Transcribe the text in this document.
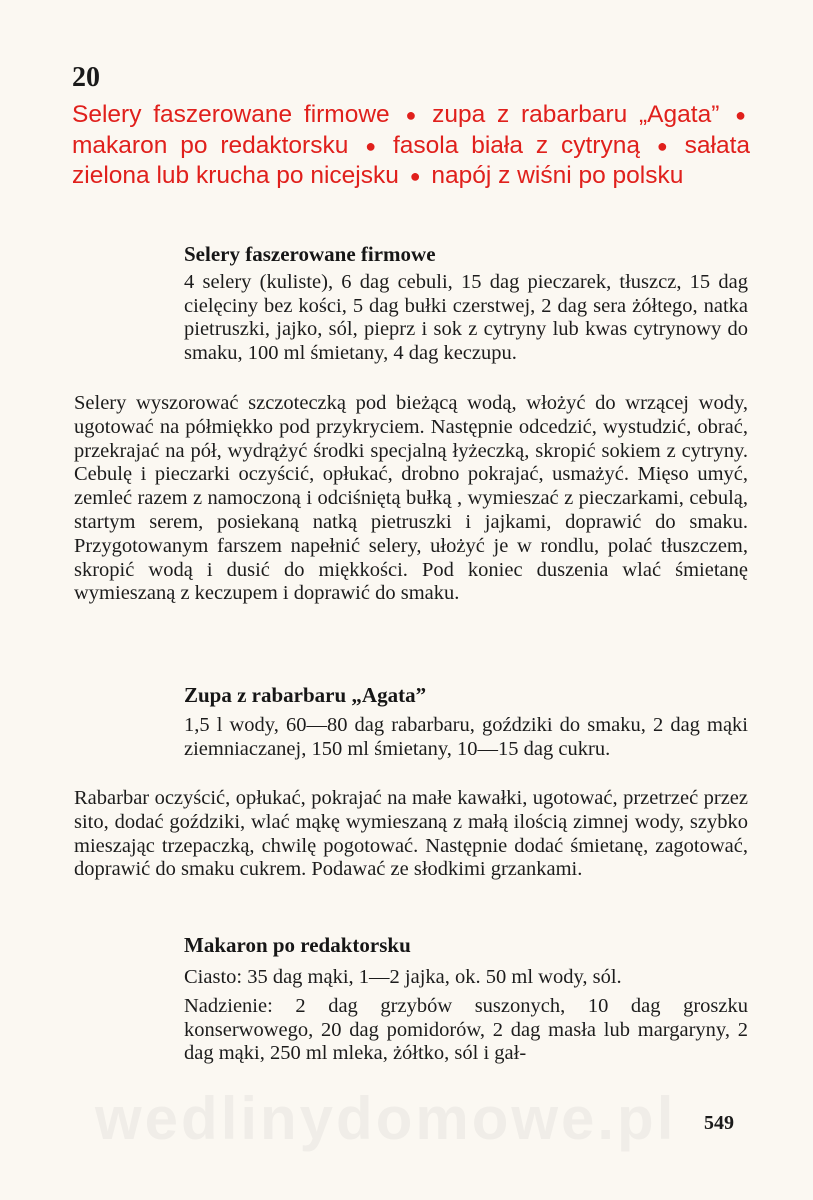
20
Selery faszerowane firmowe ● zupa z rabarbaru „Agata” ● makaron po redaktorsku ● fasola biała z cytryną ● sałata zielona lub krucha po nicejsku ● napój z wiśni po polsku
Selery faszerowane firmowe
4 selery (kuliste), 6 dag cebuli, 15 dag pieczarek, tłuszcz, 15 dag cielęciny bez kości, 5 dag bułki czerstwej, 2 dag sera żółtego, natka pietruszki, jajko, sól, pieprz i sok z cytryny lub kwas cytrynowy do smaku, 100 ml śmietany, 4 dag keczupu.
Selery wyszorować szczoteczką pod bieżącą wodą, włożyć do wrzącej wody, ugotować na półmiękko pod przykryciem. Następnie odcedzić, wystudzić, obrać, przekrajać na pół, wydrążyć środki specjalną łyżeczką, skropić sokiem z cytryny. Cebulę i pieczarki oczyścić, opłukać, drobno pokrajać, usmażyć. Mięso umyć, zemleć razem z namoczoną i odciśniętą bułką , wymieszać z pieczarkami, cebulą, startym serem, posiekaną natką pietruszki i jajkami, doprawić do smaku. Przygotowanym farszem napełnić selery, ułożyć je w rondlu, polać tłuszczem, skropić wodą i dusić do miękkości. Pod koniec duszenia wlać śmietanę wymieszaną z keczupem i doprawić do smaku.
Zupa z rabarbaru „Agata”
1,5 l wody, 60—80 dag rabarbaru, goździki do smaku, 2 dag mąki ziemniaczanej, 150 ml śmietany, 10—15 dag cukru.
Rabarbar oczyścić, opłukać, pokrajać na małe kawałki, ugotować, przetrzeć przez sito, dodać goździki, wlać mąkę wymieszaną z małą ilością zimnej wody, szybko mieszając trzepaczką, chwilę pogotować. Następnie dodać śmietanę, zagotować, doprawić do smaku cukrem. Podawać ze słodkimi grzankami.
Makaron po redaktorsku
Ciasto: 35 dag mąki, 1—2 jajka, ok. 50 ml wody, sól.
Nadzienie: 2 dag grzybów suszonych, 10 dag groszku konserwowego, 20 dag pomidorów, 2 dag masła lub margaryny, 2 dag mąki, 250 ml mleka, żółtko, sól i gał-
wedlinydomowe.pl	549
